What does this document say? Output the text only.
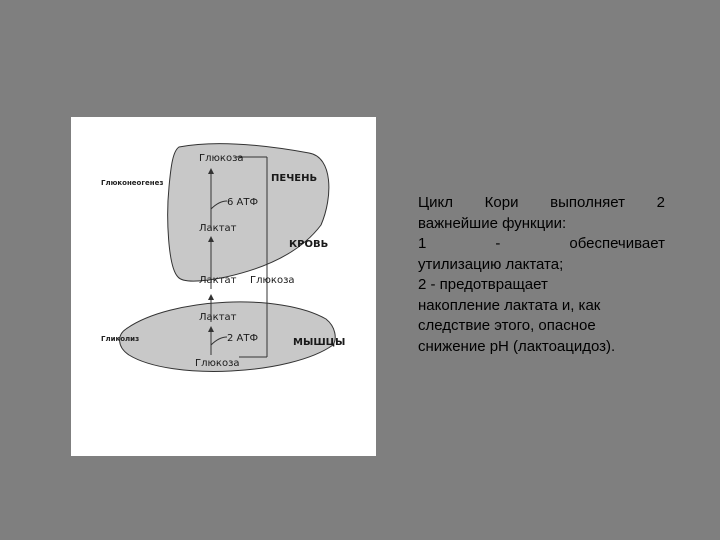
Глюкоза
ПЕЧЕНЬ
6 АТФ
Лактат
Глюконеогенез
Гликолиз
КРОВЬ
Лактат Глюкоза
Лактат
2 АТФ	МЫШЦЫ
Глюкоза

Цикл Кори выполняет 2

важнейшие функции:

1 - обеспечивает

утилизацию лактата;

2 - предотвращает

накопление лактата и, как

следствие этого, опасное

снижение pH (лактоацидоз).
